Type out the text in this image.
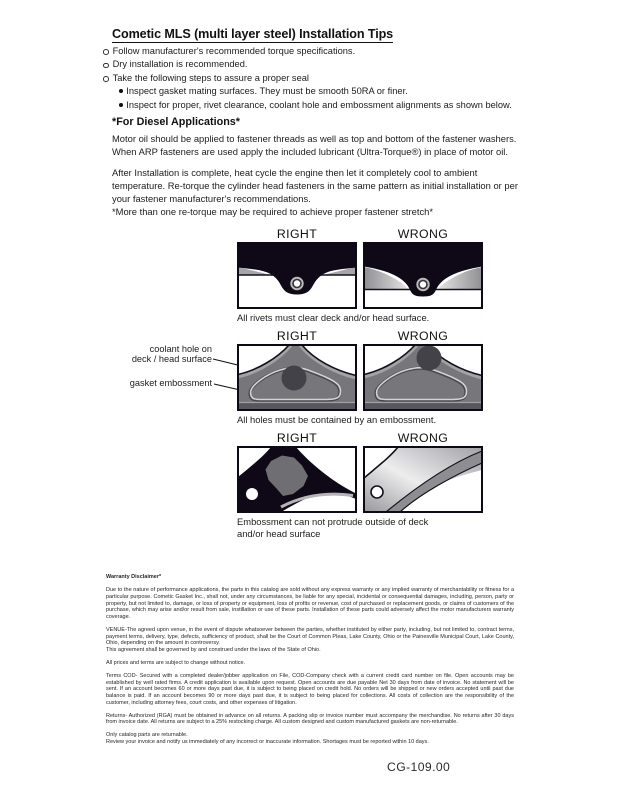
Cometic MLS (multi layer steel) Installation Tips
Follow manufacturer's recommended torque specifications.
Dry installation is recommended.
Take the following steps to assure a proper seal
Inspect gasket mating surfaces. They must be smooth 50RA or finer.
Inspect for proper, rivet clearance, coolant hole and embossment alignments as shown below.
*For Diesel Applications*
Motor oil should be applied to fastener threads as well as top and bottom of the fastener washers. When ARP fasteners are used apply the included lubricant (Ultra-Torque®) in place of motor oil.
After Installation is complete, heat cycle the engine then let it completely cool to ambient temperature. Re-torque the cylinder head fasteners in the same pattern as initial installation or per your fastener manufacturer's recommendations.
*More than one re-torque may be required to achieve proper fastener stretch*
RIGHT	WRONG
All rivets must clear deck and/or head surface.
RIGHT	WRONG
coolant hole on
deck / head surface
gasket embossment
All holes must be contained by an embossment.
RIGHT	WRONG
Embossment can not protrude outside of deck
and/or head surface

Warranty Disclaimer*

Due to the nature of performance applications, the parts in this catalog are sold without any express warranty or any implied warranty of merchantability or fitness for a particular purpose. Cometic Gasket Inc., shall not, under any circumstances, be liable for any special, incidental or consequential damages, including, person, party or property, but not limited to, damage, or loss of property or equipment, loss of profits or revenue, cost of purchased or replacement goods, or claims of customers of the purchase, which may arise and/or result from sale, instillation or use of these parts. Installation of these parts could adversely affect the motor manufacturers warranty coverage.

VENUE-The agreed upon venue, in the event of dispute whatsoever between the parties, whether instituted by either party, including, but not limited to, contract terms, payment terms, delivery, type, defects, sufficiency of product, shall be the Court of Common Pleas, Lake County, Ohio or the Painesville Municipal Court, Lake County, Ohio, depending on the amount in controversy.

This agreement shall be governed by and construed under the laws of the State of Ohio.

All prices and terms are subject to change without notice.

Terms COD- Secured with a completed dealer/jobber application on File, COD-Company check with a current credit card number on file. Open accounts may be established by well rated firms. A credit application is available upon request. Open accounts are due payable Net 30 days from date of invoice. No statement will be sent. If an account becomes 60 or more days past due, it is subject to being placed on credit hold. No orders will be shipped or new orders accepted until past due balance is paid. If an account becomes 90 or more days past due, it is subject to being placed for collections. All costs of collection are the responsibility of the customer, including attorney fees, court costs, and other expenses of litigation.

Returns- Authorized (RGA) must be obtained in advance on all returns. A packing slip or invoice number must accompany the merchandise. No returns after 30 days from invoice date. All returns are subject to a 25% restocking charge. All custom designed and custom manufactured gaskets are non-returnable.

Only catalog parts are returnable.

Review your invoice and notify us immediately of any incorrect or inaccurate information. Shortages must be reported within 10 days.

CG-109.00
